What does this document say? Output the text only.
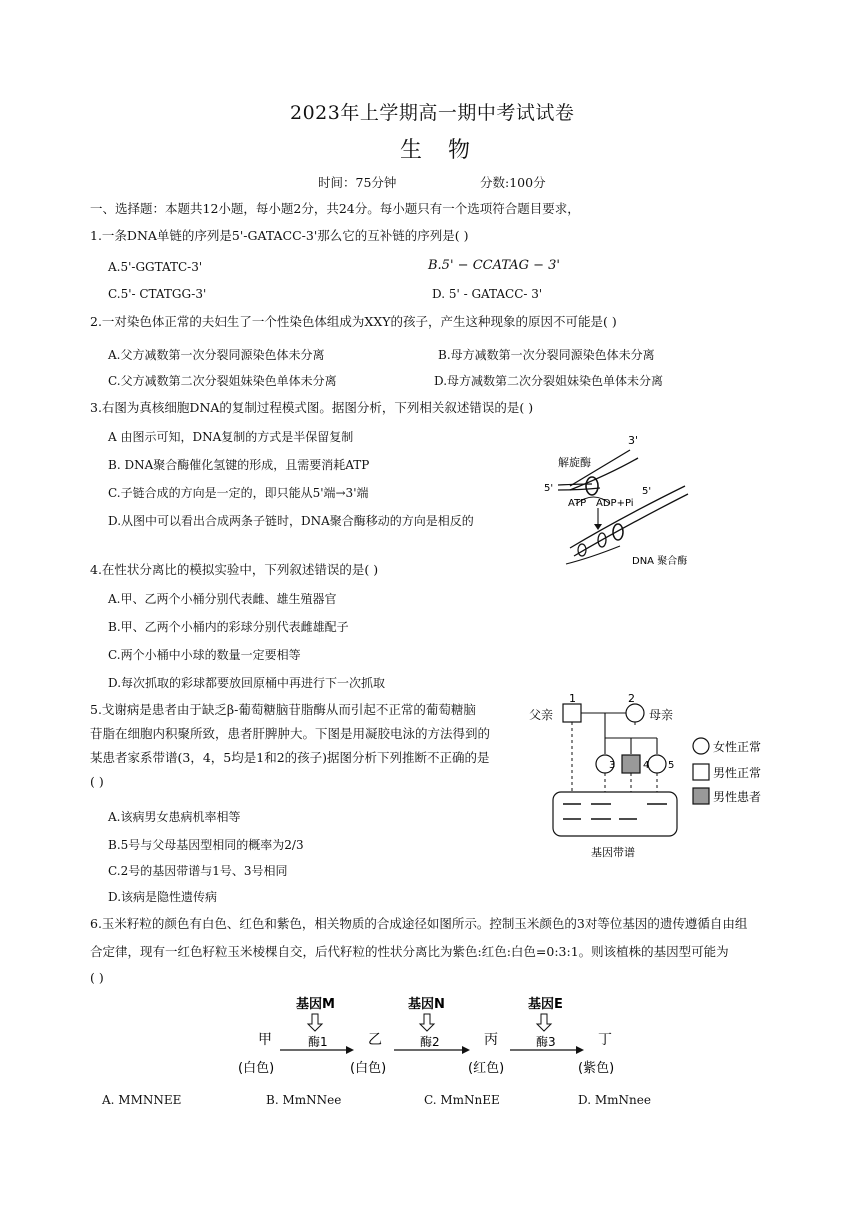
2023年上学期高一期中考试试卷
生物
时间：75分钟	分数:100分
一、选择题：本题共12小题，每小题2分，共24分。每小题只有一个选项符合题目要求，
1.一条DNA单链的序列是5'-GATACC-3'那么它的互补链的序列是( )
A.5'-GGTATC-3'	B.5' − CCATAG − 3'
C.5'- CTATGG-3'	D. 5' - GATACC- 3'
2.一对染色体正常的夫妇生了一个性染色体组成为XXY的孩子，产生这种现象的原因不可能是( )
A.父方减数第一次分裂同源染色体未分离	B.母方减数第一次分裂同源染色体未分离
C.父方减数第二次分裂姐妹染色单体未分离	D.母方减数第二次分裂姐妹染色单体未分离
3.右图为真核细胞DNA的复制过程模式图。据图分析，下列相关叙述错误的是( )
A 由图示可知，DNA复制的方式是半保留复制
B. DNA聚合酶催化氢键的形成，且需要消耗ATP
C.子链合成的方向是一定的，即只能从5'端→3'端
D.从图中可以看出合成两条子链时，DNA聚合酶移动的方向是相反的
3'
解旋酶
5'	5'
ATP ADP+Pi
DNA 聚合酶
4.在性状分离比的模拟实验中，下列叙述错误的是( )
A.甲、乙两个小桶分别代表雌、雄生殖器官
B.甲、乙两个小桶内的彩球分别代表雌雄配子
C.两个小桶中小球的数量一定要相等
D.每次抓取的彩球都要放回原桶中再进行下一次抓取
5.戈谢病是患者由于缺乏β-葡萄糖脑苷脂酶从而引起不正常的葡萄糖脑
苷脂在细胞内积聚所致，患者肝脾肿大。下图是用凝胶电泳的方法得到的
某患者家系带谱(3，4，5均是1和2的孩子)据图分析下列推断不正确的是
( )
A.该病男女患病机率相等
B.5号与父母基因型相同的概率为2/3
C.2号的基因带谱与1号、3号相同
D.该病是隐性遗传病
父亲	母亲
1	2
3	4 5
基因带谱
女性正常
男性正常
男性患者
6.玉米籽粒的颜色有白色、红色和紫色，相关物质的合成途径如图所示。控制玉米颜色的3对等位基因的遗传遵循自由组
合定律，现有一红色籽粒玉米棱棵自交，后代籽粒的性状分离比为紫色:红色:白色=0:3:1。则该植株的基因型可能为
( )
基因M	基因N	基因E
酶1	酶2	酶3
甲	乙	丙	丁
(白色)	(白色)	(红色)	(紫色)
A. MMNNEE	B. MmNNee	C. MmNnEE	D. MmNnee
